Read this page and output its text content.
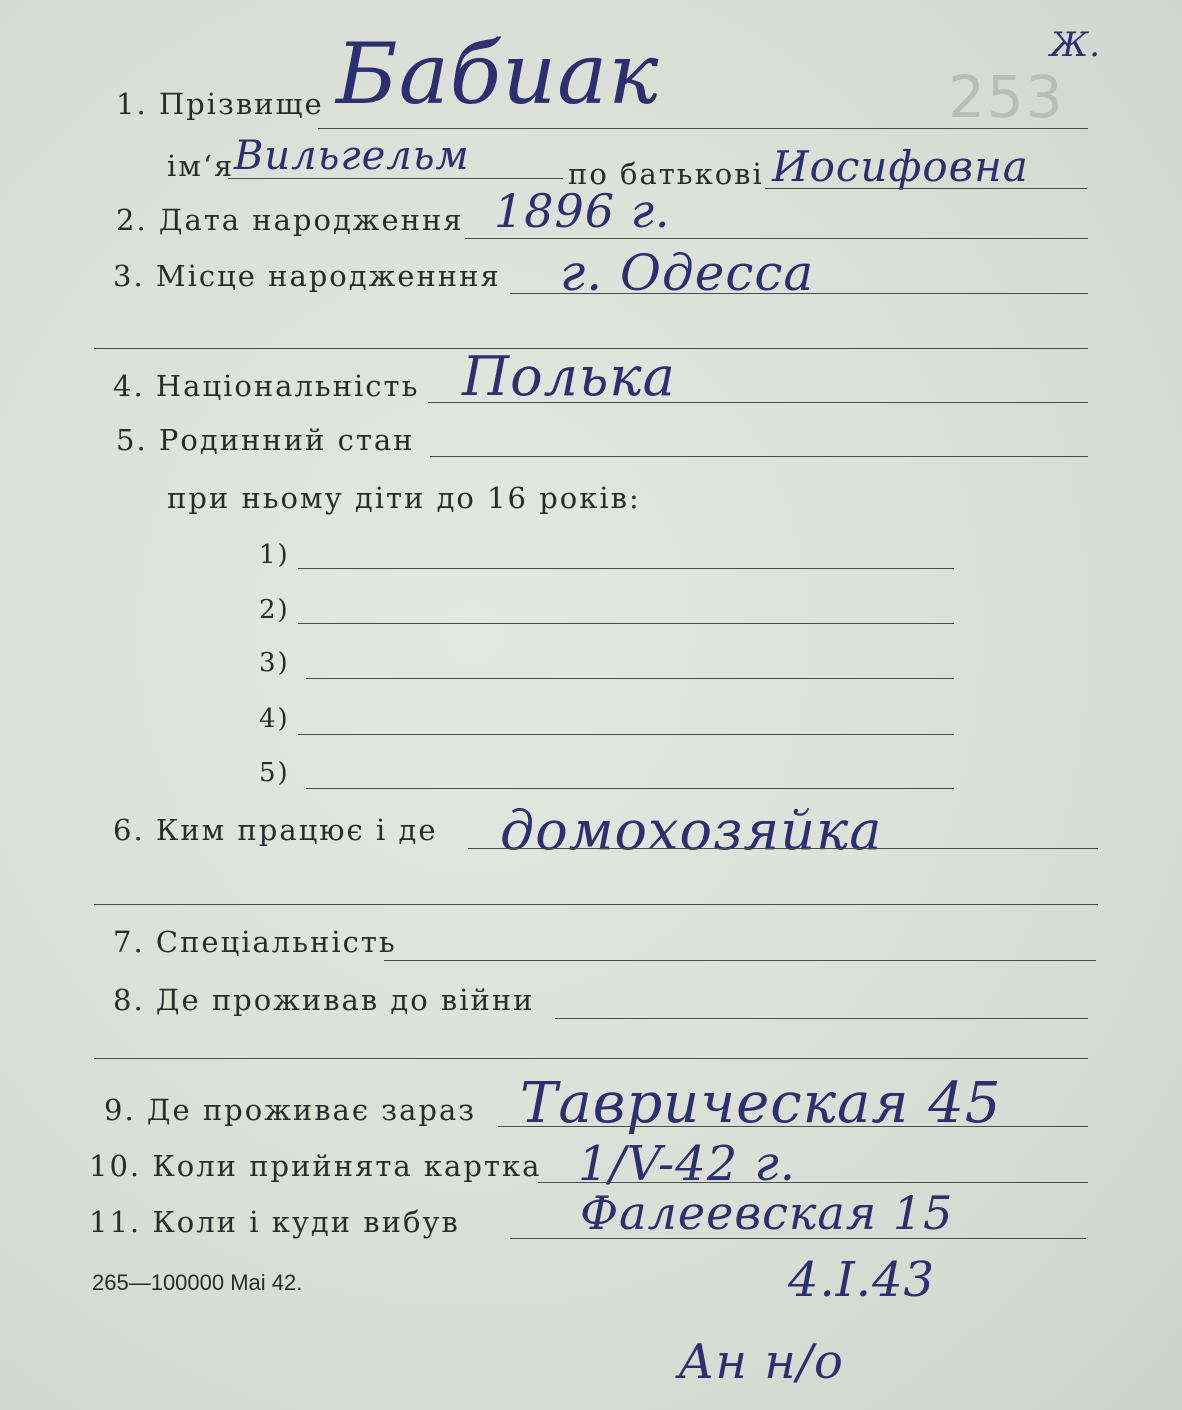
Ж.
253
1. Прізвище Бабиак
ім‘я Вильгельм	по батькові Иосифовна
2. Дата народження 1896 г.
3. Місце народженння г. Одесса
4. Національність Полька
5. Родинний стан
при ньому діти до 16 років:
1)
2)
3)
4)
5)
6. Ким працює і де домохозяйка
7. Спеціальність
8. Де проживав до війни
9. Де проживає зараз Таврическая 45
10. Коли прийнята картка 1/V-42 г.
11. Коли і куди вибув	Фалеевская 15
4.I.43
265—100000 Mai 42.
Ан н/о
